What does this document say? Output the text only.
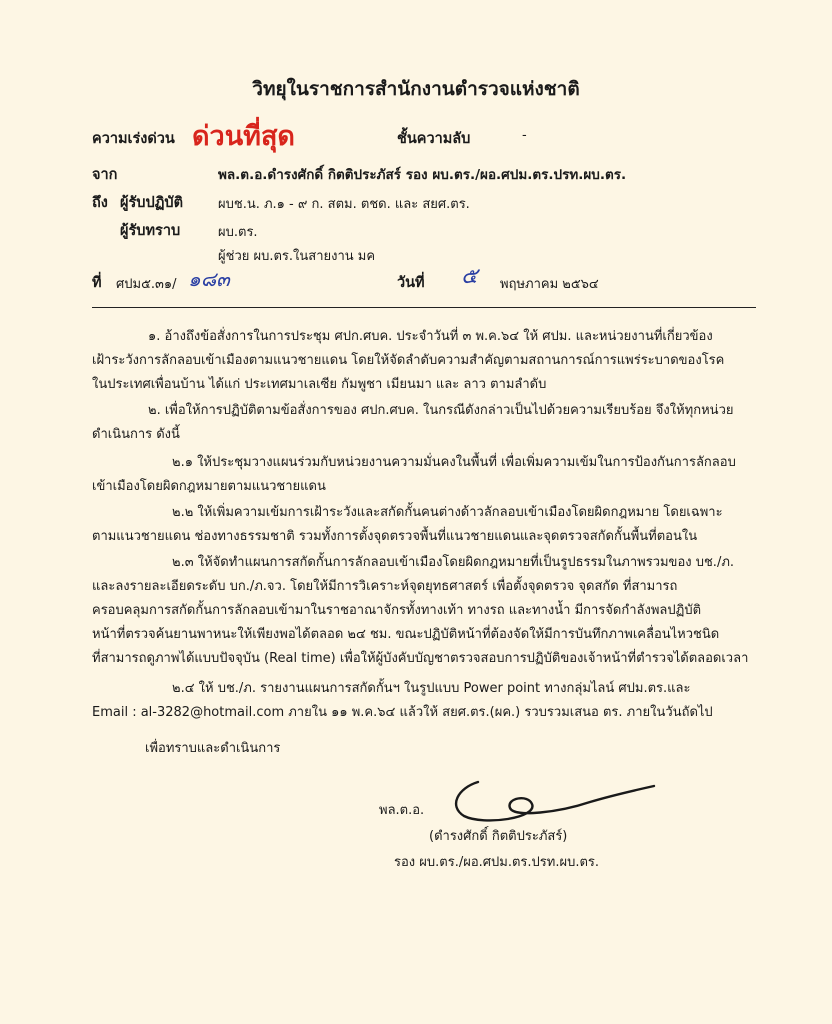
วิทยุในราชการสำนักงานตำรวจแห่งชาติ
ความเร่งด่วน ด่วนที่สุด	ชั้นความลับ	-
จาก	พล.ต.อ.ดำรงศักดิ์ กิตติประภัสร์ รอง ผบ.ตร./ผอ.ศปม.ตร.ปรท.ผบ.ตร.
ถึง ผู้รับปฏิบัติ	ผบช.น. ภ.๑ - ๙ ก. สตม. ตชด. และ สยศ.ตร.
ผู้รับทราบ	ผบ.ตร.
ผู้ช่วย ผบ.ตร.ในสายงาน มค
ที่ ศปม๕.๓๑/ ๑๘๓	วันที่ ๕ พฤษภาคม ๒๕๖๔
๑. อ้างถึงข้อสั่งการในการประชุม ศปก.ศบค. ประจำวันที่ ๓ พ.ค.๖๔ ให้ ศปม. และหน่วยงานที่เกี่ยวข้อง
เฝ้าระวังการลักลอบเข้าเมืองตามแนวชายแดน โดยให้จัดลำดับความสำคัญตามสถานการณ์การแพร่ระบาดของโรค
ในประเทศเพื่อนบ้าน ได้แก่ ประเทศมาเลเซีย กัมพูชา เมียนมา และ ลาว ตามลำดับ
๒. เพื่อให้การปฏิบัติตามข้อสั่งการของ ศปก.ศบค. ในกรณีดังกล่าวเป็นไปด้วยความเรียบร้อย จึงให้ทุกหน่วย
ดำเนินการ ดังนี้
๒.๑ ให้ประชุมวางแผนร่วมกับหน่วยงานความมั่นคงในพื้นที่ เพื่อเพิ่มความเข้มในการป้องกันการลักลอบ
เข้าเมืองโดยผิดกฎหมายตามแนวชายแดน
๒.๒ ให้เพิ่มความเข้มการเฝ้าระวังและสกัดกั้นคนต่างด้าวลักลอบเข้าเมืองโดยผิดกฎหมาย โดยเฉพาะ
ตามแนวชายแดน ช่องทางธรรมชาติ รวมทั้งการตั้งจุดตรวจพื้นที่แนวชายแดนและจุดตรวจสกัดกั้นพื้นที่ตอนใน
๒.๓ ให้จัดทำแผนการสกัดกั้นการลักลอบเข้าเมืองโดยผิดกฎหมายที่เป็นรูปธรรมในภาพรวมของ บช./ภ.
และลงรายละเอียดระดับ บก./ภ.จว. โดยให้มีการวิเคราะห์จุดยุทธศาสตร์ เพื่อตั้งจุดตรวจ จุดสกัด ที่สามารถ
ครอบคลุมการสกัดกั้นการลักลอบเข้ามาในราชอาณาจักรทั้งทางเท้า ทางรถ และทางน้ำ มีการจัดกำลังพลปฏิบัติ
หน้าที่ตรวจค้นยานพาหนะให้เพียงพอได้ตลอด ๒๔ ชม. ขณะปฏิบัติหน้าที่ต้องจัดให้มีการบันทึกภาพเคลื่อนไหวชนิด
ที่สามารถดูภาพได้แบบปัจจุบัน (Real time) เพื่อให้ผู้บังคับบัญชาตรวจสอบการปฏิบัติของเจ้าหน้าที่ตำรวจได้ตลอดเวลา
๒.๔ ให้ บช./ภ. รายงานแผนการสกัดกั้นฯ ในรูปแบบ Power point ทางกลุ่มไลน์ ศปม.ตร.และ
Email : al-3282@hotmail.com ภายใน ๑๑ พ.ค.๖๔ แล้วให้ สยศ.ตร.(ผค.) รวบรวมเสนอ ตร. ภายในวันถัดไป
เพื่อทราบและดำเนินการ
พล.ต.อ.
(ดำรงศักดิ์ กิตติประภัสร์)
รอง ผบ.ตร./ผอ.ศปม.ตร.ปรท.ผบ.ตร.
